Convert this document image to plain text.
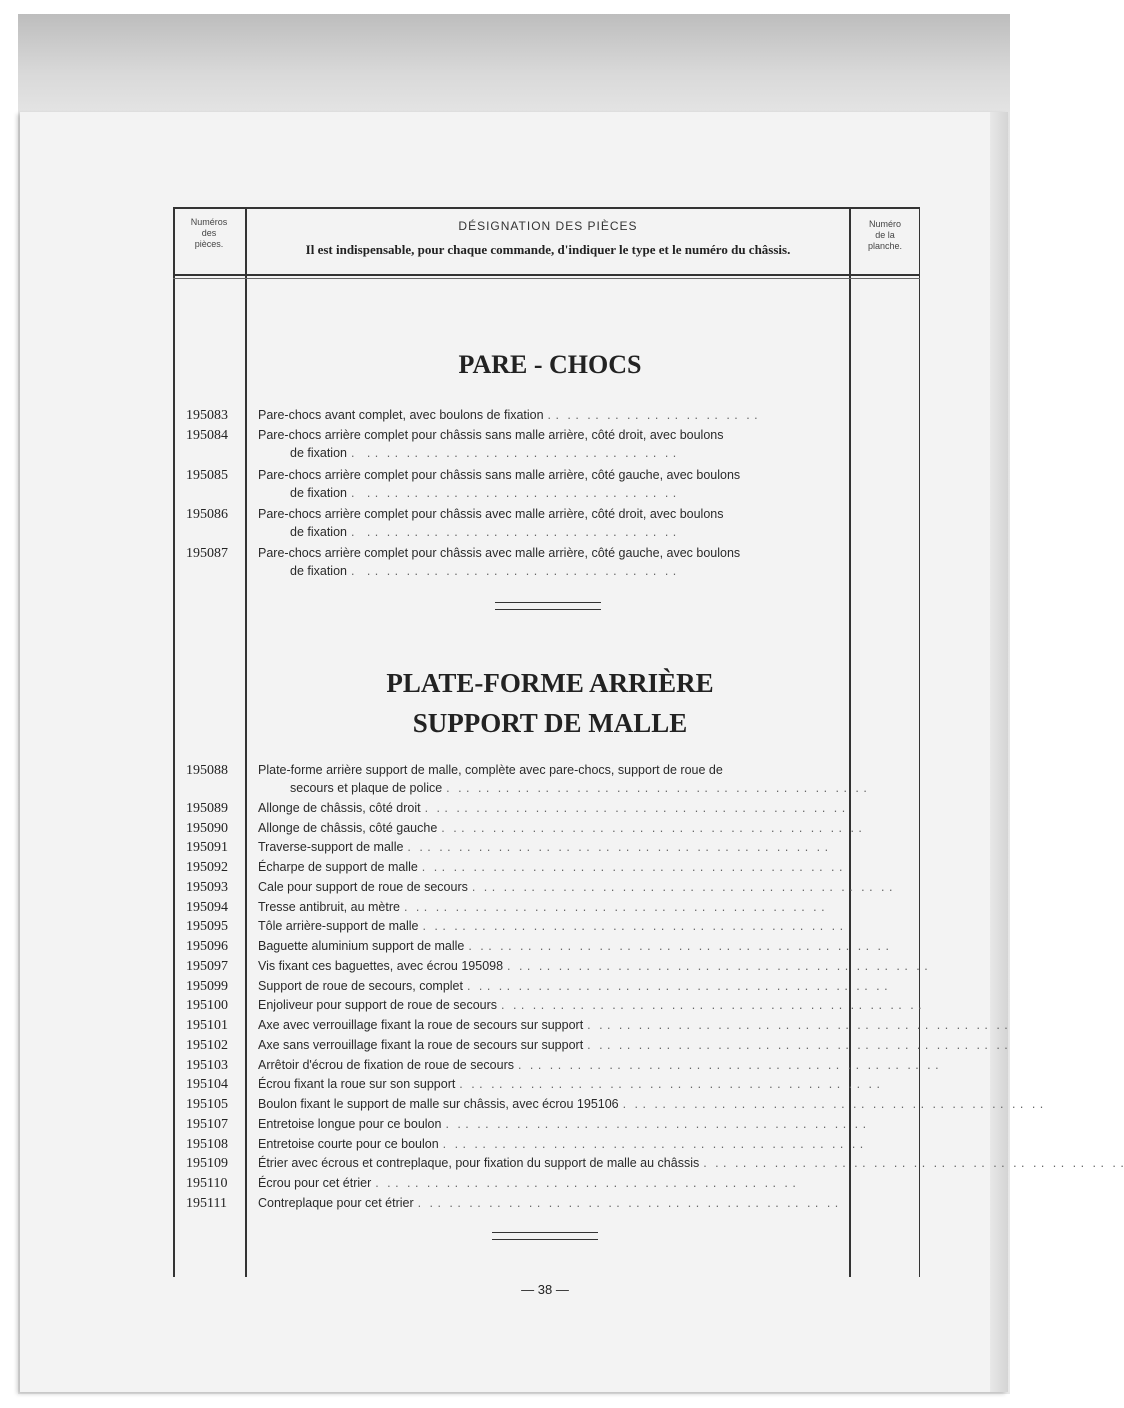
Numéros
des
pièces.
DÉSIGNATION DES PIÈCES
Il est indispensable, pour chaque commande, d'indiquer le type et le numéro du châssis.
Numéro
de la
planche.
PARE - CHOCS
195083	Pare-chocs avant complet, avec boulons de fixation . .  . .  . .  . .  . .  . .  . .  . .  . .  . .  . .
195084	Pare-chocs arrière complet pour châssis sans malle arrière, côté droit, avec boulons
de fixation .   . .  . .  . .  . .  . .  . .  . .  . .  . .  . .  . .  . .  . .  . .  . .  . .
195085	Pare-chocs arrière complet pour châssis sans malle arrière, côté gauche, avec boulons
de fixation .   . .  . .  . .  . .  . .  . .  . .  . .  . .  . .  . .  . .  . .  . .  . .  . .
195086	Pare-chocs arrière complet pour châssis avec malle arrière, côté droit, avec boulons
de fixation .   . .  . .  . .  . .  . .  . .  . .  . .  . .  . .  . .  . .  . .  . .  . .  . .
195087	Pare-chocs arrière complet pour châssis avec malle arrière, côté gauche, avec boulons
de fixation .   . .  . .  . .  . .  . .  . .  . .  . .  . .  . .  . .  . .  . .  . .  . .  . .
PLATE-FORME ARRIÈRE
SUPPORT DE MALLE
195088	Plate-forme arrière support de malle, complète avec pare-chocs, support de roue de
secours et plaque de police .  . .  . .  . .  . .  . .  . .  . .  . .  . .  . .  . .  . .  . .  . .  . .  . .  . .  . .  . .  . .  . .
195089	Allonge de châssis, côté droit .  . .  . .  . .  . .  . .  . .  . .  . .  . .  . .  . .  . .  . .  . .  . .  . .  . .  . .  . .  . .  . .
195090	Allonge de châssis, côté gauche .  . .  . .  . .  . .  . .  . .  . .  . .  . .  . .  . .  . .  . .  . .  . .  . .  . .  . .  . .  . .  . .
195091	Traverse-support de malle .  . .  . .  . .  . .  . .  . .  . .  . .  . .  . .  . .  . .  . .  . .  . .  . .  . .  . .  . .  . .  . .
195092	Écharpe de support de malle .  . .  . .  . .  . .  . .  . .  . .  . .  . .  . .  . .  . .  . .  . .  . .  . .  . .  . .  . .  . .  . .
195093	Cale pour support de roue de secours .  . .  . .  . .  . .  . .  . .  . .  . .  . .  . .  . .  . .  . .  . .  . .  . .  . .  . .  . .  . .  . .
195094	Tresse antibruit, au mètre .  . .  . .  . .  . .  . .  . .  . .  . .  . .  . .  . .  . .  . .  . .  . .  . .  . .  . .  . .  . .  . .
195095	Tôle arrière-support de malle .  . .  . .  . .  . .  . .  . .  . .  . .  . .  . .  . .  . .  . .  . .  . .  . .  . .  . .  . .  . .  . .
195096	Baguette aluminium support de malle .  . .  . .  . .  . .  . .  . .  . .  . .  . .  . .  . .  . .  . .  . .  . .  . .  . .  . .  . .  . .  . .
195097	Vis fixant ces baguettes, avec écrou 195098 .  . .  . .  . .  . .  . .  . .  . .  . .  . .  . .  . .  . .  . .  . .  . .  . .  . .  . .  . .  . .  . .
195099	Support de roue de secours, complet .  . .  . .  . .  . .  . .  . .  . .  . .  . .  . .  . .  . .  . .  . .  . .  . .  . .  . .  . .  . .  . .
195100	Enjoliveur pour support de roue de secours .  . .  . .  . .  . .  . .  . .  . .  . .  . .  . .  . .  . .  . .  . .  . .  . .  . .  . .  . .  . .  . .
195101	Axe avec verrouillage fixant la roue de secours sur support .  . .  . .  . .  . .  . .  . .  . .  . .  . .  . .  . .  . .  . .  . .  . .  . .  . .  . .  . .  . .  . .
195102	Axe sans verrouillage fixant la roue de secours sur support .  . .  . .  . .  . .  . .  . .  . .  . .  . .  . .  . .  . .  . .  . .  . .  . .  . .  . .  . .  . .  . .
195103	Arrêtoir d'écrou de fixation de roue de secours .  . .  . .  . .  . .  . .  . .  . .  . .  . .  . .  . .  . .  . .  . .  . .  . .  . .  . .  . .  . .  . .
195104	Écrou fixant la roue sur son support .  . .  . .  . .  . .  . .  . .  . .  . .  . .  . .  . .  . .  . .  . .  . .  . .  . .  . .  . .  . .  . .
195105	Boulon fixant le support de malle sur châssis, avec écrou 195106 .  . .  . .  . .  . .  . .  . .  . .  . .  . .  . .  . .  . .  . .  . .  . .  . .  . .  . .  . .  . .  . .
195107	Entretoise longue pour ce boulon .  . .  . .  . .  . .  . .  . .  . .  . .  . .  . .  . .  . .  . .  . .  . .  . .  . .  . .  . .  . .  . .
195108	Entretoise courte pour ce boulon .  . .  . .  . .  . .  . .  . .  . .  . .  . .  . .  . .  . .  . .  . .  . .  . .  . .  . .  . .  . .  . .
195109	Étrier avec écrous et contreplaque, pour fixation du support de malle au châssis .  . .  . .  . .  . .  . .  . .  . .  . .  . .  . .  . .  . .  . .  . .  . .  . .  . .  . .  . .  . .  . .
195110	Écrou pour cet étrier .  . .  . .  . .  . .  . .  . .  . .  . .  . .  . .  . .  . .  . .  . .  . .  . .  . .  . .  . .  . .  . .
195111	Contreplaque pour cet étrier .  . .  . .  . .  . .  . .  . .  . .  . .  . .  . .  . .  . .  . .  . .  . .  . .  . .  . .  . .  . .  . .
— 38 —
